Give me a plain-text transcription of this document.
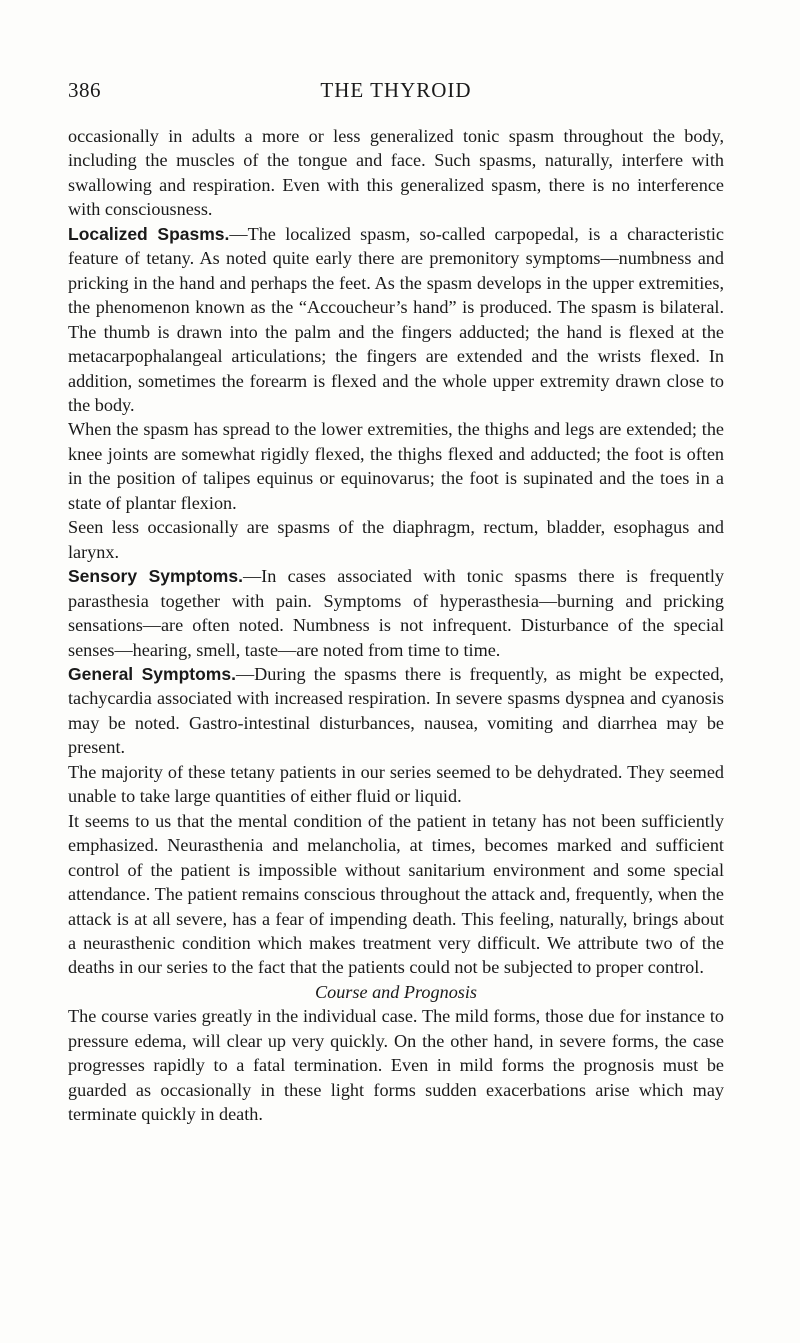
386	THE THYROID

occasionally in adults a more or less generalized tonic spasm throughout the body, including the muscles of the tongue and face. Such spasms, naturally, interfere with swallowing and respiration. Even with this generalized spasm, there is no interference with consciousness.

Localized Spasms.—The localized spasm, so-called carpopedal, is a characteristic feature of tetany. As noted quite early there are premonitory symptoms—numbness and pricking in the hand and perhaps the feet. As the spasm develops in the upper extremities, the phenomenon known as the “Accoucheur’s hand” is produced. The spasm is bilateral. The thumb is drawn into the palm and the fingers adducted; the hand is flexed at the metacarpophalangeal articulations; the fingers are extended and the wrists flexed. In addition, sometimes the forearm is flexed and the whole upper extremity drawn close to the body.

When the spasm has spread to the lower extremities, the thighs and legs are extended; the knee joints are somewhat rigidly flexed, the thighs flexed and adducted; the foot is often in the position of talipes equinus or equinovarus; the foot is supinated and the toes in a state of plantar flexion.

Seen less occasionally are spasms of the diaphragm, rectum, bladder, esophagus and larynx.

Sensory Symptoms.—In cases associated with tonic spasms there is frequently parasthesia together with pain. Symptoms of hyperasthesia—burning and pricking sensations—are often noted. Numbness is not infrequent. Disturbance of the special senses—hearing, smell, taste—are noted from time to time.

General Symptoms.—During the spasms there is frequently, as might be expected, tachycardia associated with increased respiration. In severe spasms dyspnea and cyanosis may be noted. Gastro-intestinal disturbances, nausea, vomiting and diarrhea may be present.

The majority of these tetany patients in our series seemed to be dehydrated. They seemed unable to take large quantities of either fluid or liquid.

It seems to us that the mental condition of the patient in tetany has not been sufficiently emphasized. Neurasthenia and melancholia, at times, becomes marked and sufficient control of the patient is impossible without sanitarium environment and some special attendance. The patient remains conscious throughout the attack and, frequently, when the attack is at all severe, has a fear of impending death. This feeling, naturally, brings about a neurasthenic condition which makes treatment very difficult. We attribute two of the deaths in our series to the fact that the patients could not be subjected to proper control.

Course and Prognosis

The course varies greatly in the individual case. The mild forms, those due for instance to pressure edema, will clear up very quickly. On the other hand, in severe forms, the case progresses rapidly to a fatal termination. Even in mild forms the prognosis must be guarded as occasionally in these light forms sudden exacerbations arise which may terminate quickly in death.
